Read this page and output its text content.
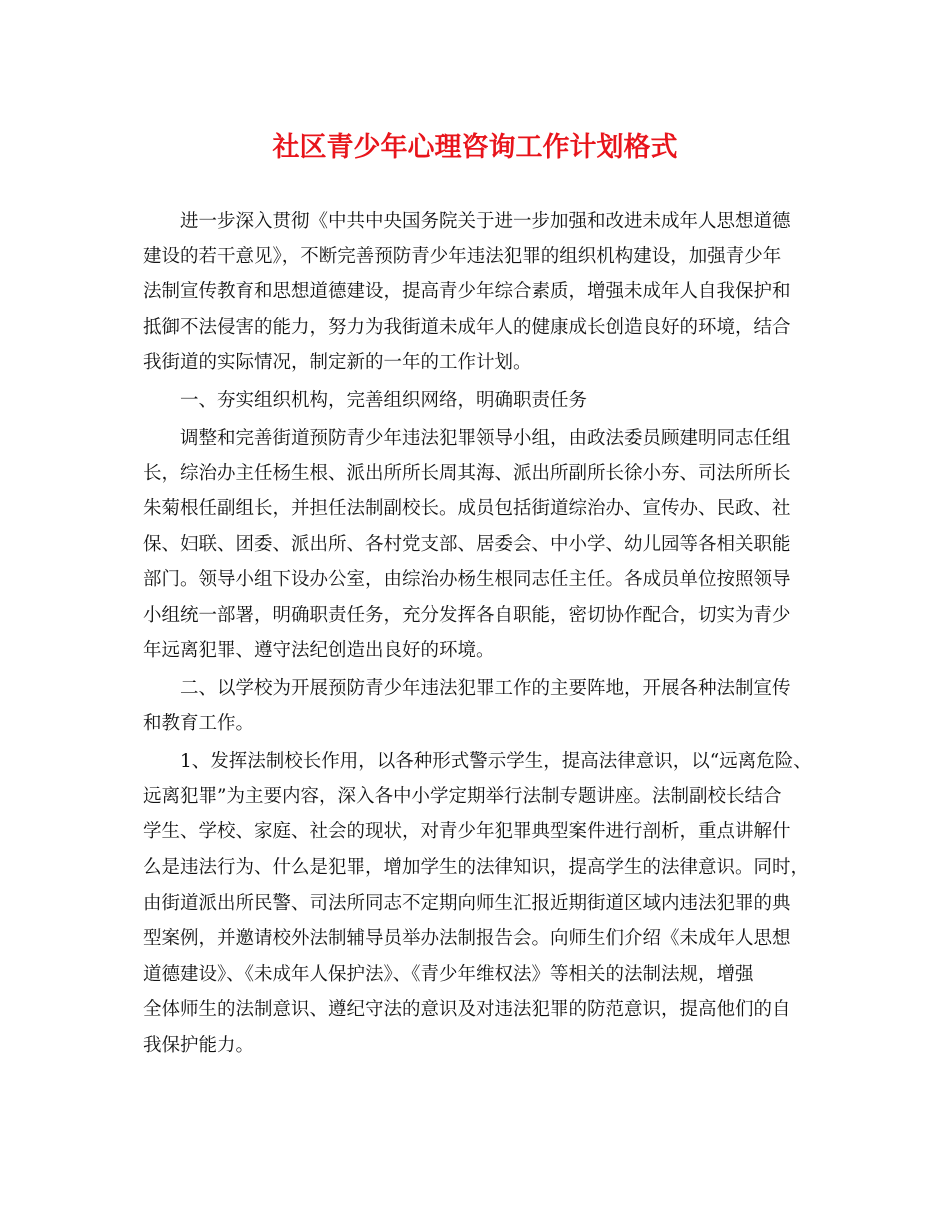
社区青少年心理咨询工作计划格式

进一步深入贯彻《中共中央国务院关于进一步加强和改进未成年人思想道德

建设的若干意见》，不断完善预防青少年违法犯罪的组织机构建设，加强青少年

法制宣传教育和思想道德建设，提高青少年综合素质，增强未成年人自我保护和

抵御不法侵害的能力，努力为我街道未成年人的健康成长创造良好的环境，结合

我街道的实际情况，制定新的一年的工作计划。

一、夯实组织机构，完善组织网络，明确职责任务

调整和完善街道预防青少年违法犯罪领导小组，由政法委员顾建明同志任组

长，综治办主任杨生根、派出所所长周其海、派出所副所长徐小夯、司法所所长

朱菊根任副组长，并担任法制副校长。成员包括街道综治办、宣传办、民政、社

保、妇联、团委、派出所、各村党支部、居委会、中小学、幼儿园等各相关职能

部门。领导小组下设办公室，由综治办杨生根同志任主任。各成员单位按照领导

小组统一部署，明确职责任务，充分发挥各自职能，密切协作配合，切实为青少

年远离犯罪、遵守法纪创造出良好的环境。

二、以学校为开展预防青少年违法犯罪工作的主要阵地，开展各种法制宣传

和教育工作。

1、发挥法制校长作用，以各种形式警示学生，提高法律意识，以“远离危险、

远离犯罪”为主要内容，深入各中小学定期举行法制专题讲座。法制副校长结合

学生、学校、家庭、社会的现状，对青少年犯罪典型案件进行剖析，重点讲解什

么是违法行为、什么是犯罪，增加学生的法律知识，提高学生的法律意识。同时，

由街道派出所民警、司法所同志不定期向师生汇报近期街道区域内违法犯罪的典

型案例，并邀请校外法制辅导员举办法制报告会。向师生们介绍《未成年人思想

道德建设》、《未成年人保护法》、《青少年维权法》等相关的法制法规，增强

全体师生的法制意识、遵纪守法的意识及对违法犯罪的防范意识，提高他们的自

我保护能力。
